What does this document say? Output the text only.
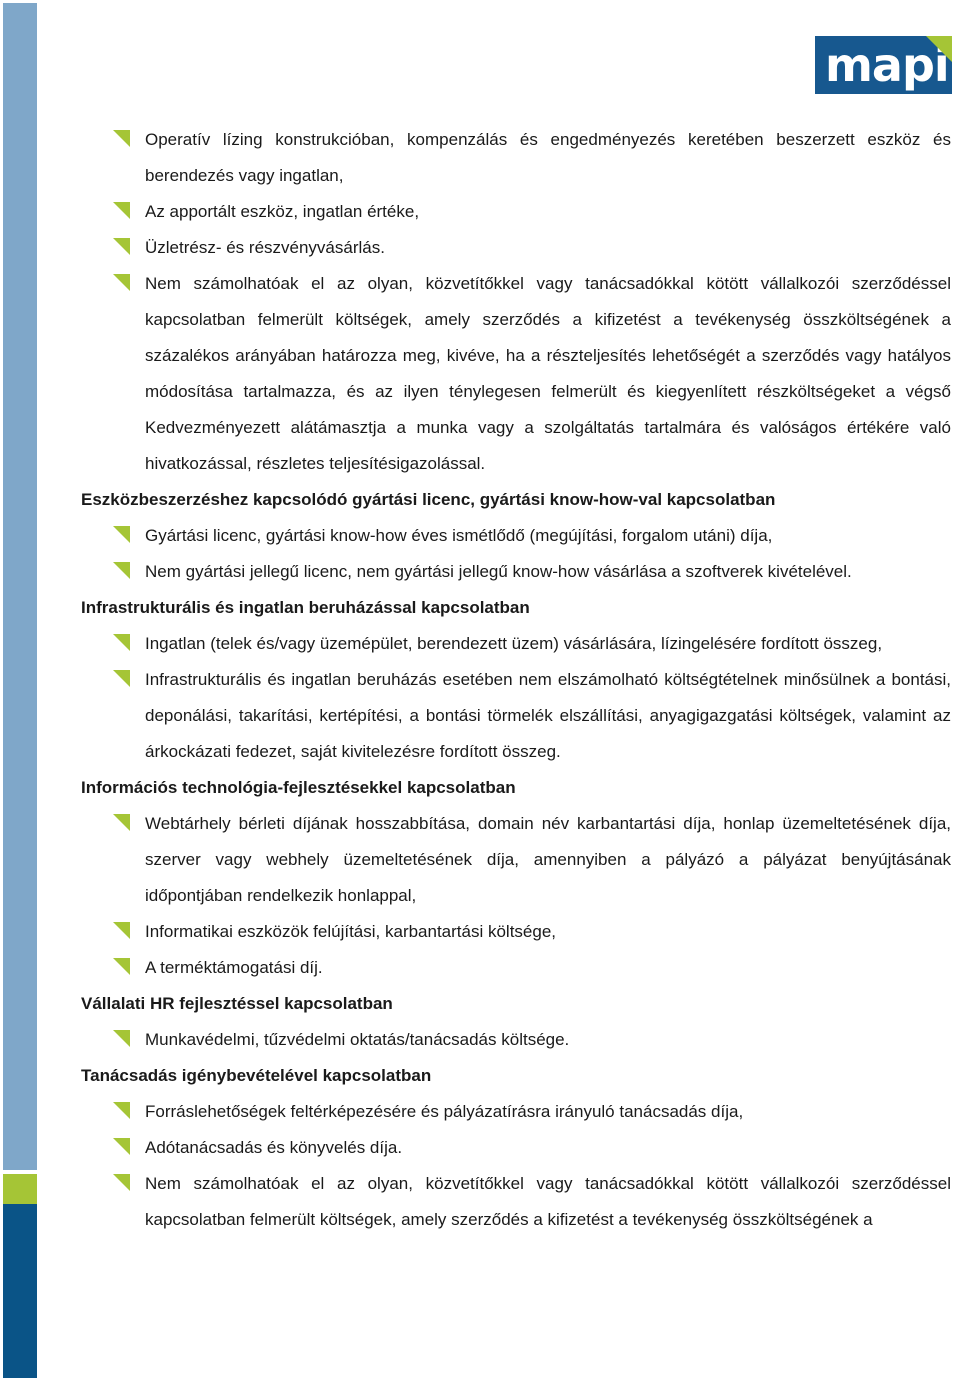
mapi
Operatív lízing konstrukcióban, kompenzálás és engedményezés keretében beszerzett eszköz és berendezés vagy ingatlan,
Az apportált eszköz, ingatlan értéke,
Üzletrész- és részvényvásárlás.
Nem számolhatóak el az olyan, közvetítőkkel vagy tanácsadókkal kötött vállalkozói szerződéssel kapcsolatban felmerült költségek, amely szerződés a kifizetést a tevékenység összköltségének a százalékos arányában határozza meg, kivéve, ha a részteljesítés lehetőségét a szerződés vagy hatályos módosítása tartalmazza, és az ilyen ténylegesen felmerült és kiegyenlített részköltségeket a végső Kedvezményezett alátámasztja a munka vagy a szolgáltatás tartalmára és valóságos értékére való hivatkozással, részletes teljesítésigazolással.
Eszközbeszerzéshez kapcsolódó gyártási licenc, gyártási know-how-val kapcsolatban
Gyártási licenc, gyártási know-how éves ismétlődő (megújítási, forgalom utáni) díja,
Nem gyártási jellegű licenc, nem gyártási jellegű know-how vásárlása a szoftverek kivételével.
Infrastrukturális és ingatlan beruházással kapcsolatban
Ingatlan (telek és/vagy üzemépület, berendezett üzem) vásárlására, lízingelésére fordított összeg,
Infrastrukturális és ingatlan beruházás esetében nem elszámolható költségtételnek minősülnek a bontási, deponálási, takarítási, kertépítési, a bontási törmelék elszállítási, anyagigazgatási költségek, valamint az árkockázati fedezet, saját kivitelezésre fordított összeg.
Információs technológia-fejlesztésekkel kapcsolatban
Webtárhely bérleti díjának hosszabbítása, domain név karbantartási díja, honlap üzemeltetésének díja, szerver vagy webhely üzemeltetésének díja, amennyiben a pályázó a pályázat benyújtásának időpontjában rendelkezik honlappal,
Informatikai eszközök felújítási, karbantartási költsége,
A terméktámogatási díj.
Vállalati HR fejlesztéssel kapcsolatban
Munkavédelmi, tűzvédelmi oktatás/tanácsadás költsége.
Tanácsadás igénybevételével kapcsolatban
Forráslehetőségek feltérképezésére és pályázatírásra irányuló tanácsadás díja,
Adótanácsadás és könyvelés díja.
Nem számolhatóak el az olyan, közvetítőkkel vagy tanácsadókkal kötött vállalkozói szerződéssel kapcsolatban felmerült költségek, amely szerződés a kifizetést a tevékenység összköltségének a
